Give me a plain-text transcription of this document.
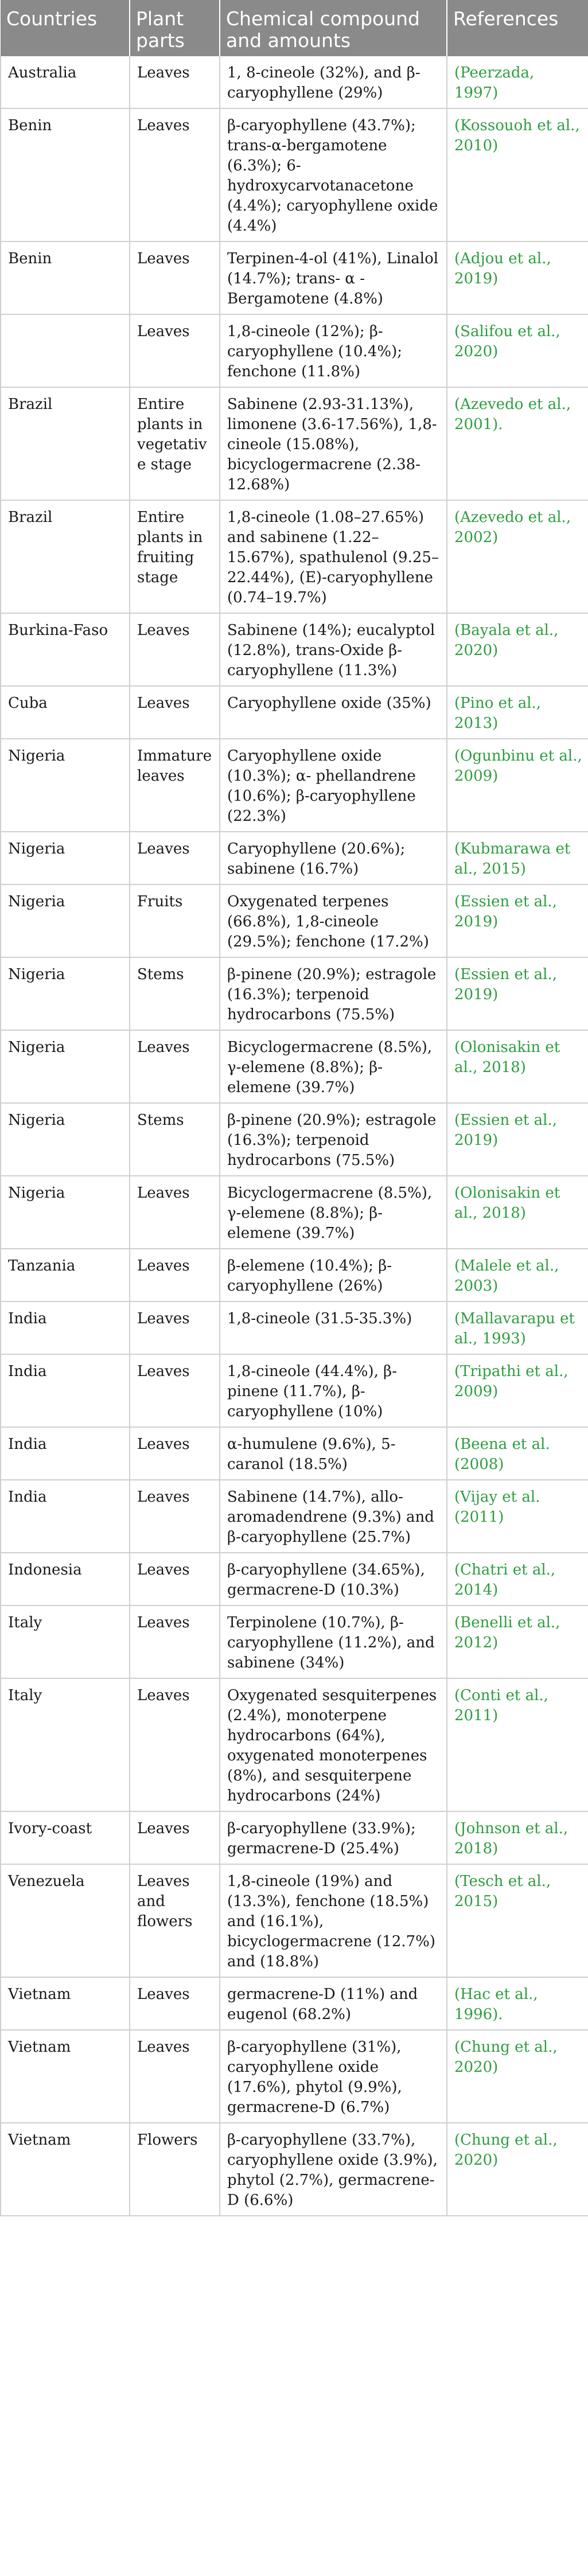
Countries	Plant parts	Chemical compound and amounts	References
Australia	Leaves	1, 8-cineole (32%), and β-caryophyllene (29%)	(Peerzada, 1997)
Benin	Leaves	β-caryophyllene (43.7%); trans-α-bergamotene (6.3%); 6-hydroxycarvotanacetone (4.4%); caryophyllene oxide (4.4%)	(Kossouoh et al., 2010)
Benin	Leaves	Terpinen-4-ol (41%), Linalol (14.7%); trans- α -Bergamotene (4.8%)	(Adjou et al., 2019)
	Leaves	1,8-cineole (12%); β-caryophyllene (10.4%); fenchone (11.8%)	(Salifou et al., 2020)
Brazil	Entire plants in vegetative stage	Sabinene (2.93-31.13%), limonene (3.6-17.56%), 1,8-cineole (15.08%), bicyclogermacrene (2.38-12.68%)	(Azevedo et al., 2001).
Brazil	Entire plants in fruiting stage	1,8-cineole (1.08–27.65%) and sabinene (1.22–15.67%), spathulenol (9.25–22.44%), (E)-caryophyllene (0.74–19.7%)	(Azevedo et al., 2002)
Burkina-Faso	Leaves	Sabinene (14%); eucalyptol (12.8%), trans-Oxide β-caryophyllene (11.3%)	(Bayala et al., 2020)
Cuba	Leaves	Caryophyllene oxide (35%)	(Pino et al., 2013)
Nigeria	Immature leaves	Caryophyllene oxide (10.3%); α- phellandrene (10.6%); β-caryophyllene (22.3%)	(Ogunbinu et al., 2009)
Nigeria	Leaves	Caryophyllene (20.6%); sabinene (16.7%)	(Kubmarawa et al., 2015)
Nigeria	Fruits	Oxygenated terpenes (66.8%), 1,8-cineole (29.5%); fenchone (17.2%)	(Essien et al., 2019)
Nigeria	Stems	β-pinene (20.9%); estragole (16.3%); terpenoid hydrocarbons (75.5%)	(Essien et al., 2019)
Nigeria	Leaves	Bicyclogermacrene (8.5%), γ-elemene (8.8%); β-elemene (39.7%)	(Olonisakin et al., 2018)
Nigeria	Stems	β-pinene (20.9%); estragole (16.3%); terpenoid hydrocarbons (75.5%)	(Essien et al., 2019)
Nigeria	Leaves	Bicyclogermacrene (8.5%), γ-elemene (8.8%); β-elemene (39.7%)	(Olonisakin et al., 2018)
Tanzania	Leaves	β-elemene (10.4%); β-caryophyllene (26%)	(Malele et al., 2003)
India	Leaves	1,8-cineole (31.5-35.3%)	(Mallavarapu et al., 1993)
India	Leaves	1,8-cineole (44.4%), β-pinene (11.7%), β-caryophyllene (10%)	(Tripathi et al., 2009)
India	Leaves	α-humulene (9.6%), 5-caranol (18.5%)	(Beena et al. (2008)
India	Leaves	Sabinene (14.7%), allo-aromadendrene (9.3%) and β-caryophyllene (25.7%)	(Vijay et al. (2011)
Indonesia	Leaves	β-caryophyllene (34.65%), germacrene-D (10.3%)	(Chatri et al., 2014)
Italy	Leaves	Terpinolene (10.7%), β-caryophyllene (11.2%), and sabinene (34%)	(Benelli et al., 2012)
Italy	Leaves	Oxygenated sesquiterpenes (2.4%), monoterpene hydrocarbons (64%), oxygenated monoterpenes (8%), and sesquiterpene hydrocarbons (24%)	(Conti et al., 2011)
Ivory-coast	Leaves	β-caryophyllene (33.9%); germacrene-D (25.4%)	(Johnson et al., 2018)
Venezuela	Leaves and flowers	1,8-cineole (19%) and (13.3%), fenchone (18.5%) and (16.1%), bicyclogermacrene (12.7%) and (18.8%)	(Tesch et al., 2015)
Vietnam	Leaves	germacrene-D (11%) and eugenol (68.2%)	(Hac et al., 1996).
Vietnam	Leaves	β-caryophyllene (31%), caryophyllene oxide (17.6%), phytol (9.9%), germacrene-D (6.7%)	(Chung et al., 2020)
Vietnam	Flowers	β-caryophyllene (33.7%), caryophyllene oxide (3.9%), phytol (2.7%), germacrene-D (6.6%)	(Chung et al., 2020)
